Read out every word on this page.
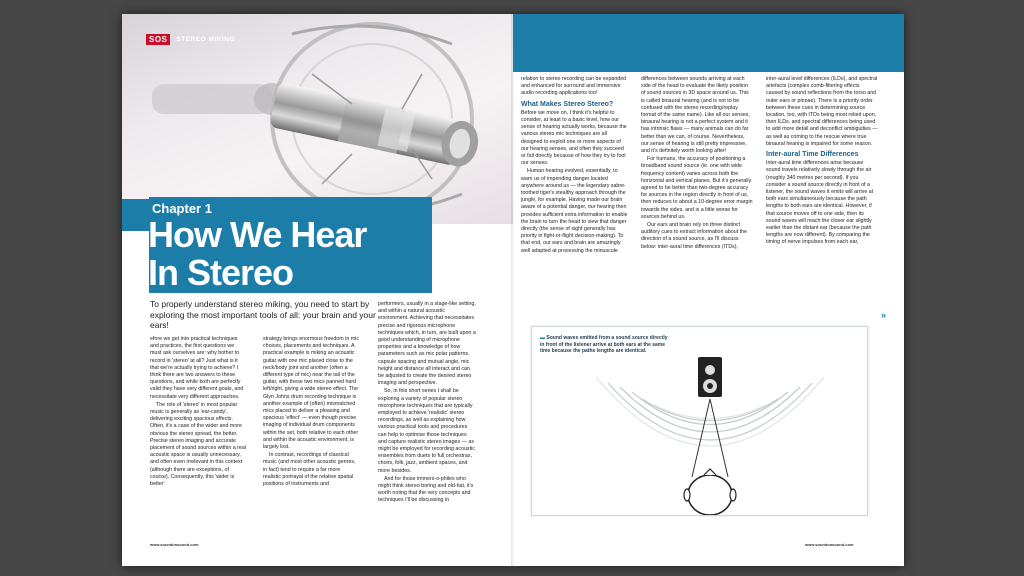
SOS	STEREO MIKING
Chapter 1
How We Hear
In Stereo
To properly understand stereo miking, you need to start by exploring the most important tools of all: your brain and your ears!

efore we get into practical techniques and practices, the first questions we must ask ourselves are: why bother to record in 'stereo' at all? Just what is it that we're actually trying to achieve? I think there are two answers to these questions, and while both are perfectly valid they have very different goals, and necessitate very different approaches.

The role of 'stereo' in most popular music is generally as 'ear-candy', delivering exciting spacious effects. Often, it's a case of the wider and more obvious the stereo spread, the better. Precise stereo imaging and accurate placement of sound sources within a real acoustic space is usually unnecessary, and often even irrelevant in this context (although there are exceptions, of course). Consequently, this 'wider is better'

strategy brings enormous freedom in mic choices, placements and techniques. A practical example is miking an acoustic guitar with one mic placed close to the neck/body joint and another (often a different type of mic) near the tail of the guitar, with these two mics panned hard left/right, giving a wide stereo effect. The Glyn Johns drum recording technique is another example of (often) mismatched mics placed to deliver a pleasing and spacious 'effect' — even though precise imaging of individual drum components within the set, both relative to each other and within the acoustic environment, is largely lost.

In contrast, recordings of classical music (and most other acoustic genres, in fact) tend to require a far more realistic portrayal of the relative spatial positions of instruments and

performers, usually in a stage-like setting, and within a natural acoustic environment. Achieving that necessitates precise and rigorous microphone techniques which, in turn, are built upon a good understanding of microphone properties and a knowledge of how parameters such as mic polar patterns, capsule spacing and mutual angle, mic height and distance all interact and can be adjusted to create the desired stereo imaging and perspective.

So, in this short series I shall be exploring a variety of popular stereo microphone techniques that are typically employed to achieve 'realistic' stereo recordings, as well as explaining how various practical tools and procedures can help to optimise those techniques and capture realistic stereo images — as might be employed for recording acoustic ensembles from duets to full orchestras, choirs, folk, jazz, ambient spaces, and more besides.

And for those immers-o-philes who might think stereo boring and old-hat, it's worth noting that the very concepts and techniques I'll be discussing in

www.soundonsound.com

relation to stereo recording can be expanded and enhanced for surround and immersive audio recording applications too!

What Makes Stereo Stereo?

Before we move on, I think it's helpful to consider, at least to a basic level, how our sense of hearing actually works, because the various stereo mic techniques are all designed to exploit one or more aspects of our hearing senses, and often they succeed or fail directly because of how they try to fool our senses.

Human hearing evolved, essentially, to warn us of impending danger located anywhere around us — the legendary sabre-toothed tiger's stealthy approach through the jungle, for example. Having made our brain aware of a potential danger, our hearing then provides sufficient extra information to enable the brain to turn the head to view that danger directly (the sense of sight generally has priority in fight-or-flight decision-making). To that end, our ears and brain are amazingly well adapted at processing the minuscule

differences between sounds arriving at each side of the head to evaluate the likely position of sound sources in 3D space around us. This is called binaural hearing (and is not to be confused with the stereo recording/replay format of the same name). Like all our senses, binaural hearing is not a perfect system and it has intrinsic flaws — many animals can do far better than we can, of course. Nevertheless, our sense of hearing is still pretty impressive, and it's definitely worth looking after!

For humans, the accuracy of positioning a broadband sound source (ie. one with wide frequency content) varies across both the horizontal and vertical planes. But it's generally agreed to be better than two-degree accuracy for sources in the region directly in front of us, then reduces to about a 10-degree error margin towards the sides, and is a little worse for sources behind us.

Our ears and brain rely on three distinct auditory cues to extract information about the direction of a sound source, as I'll discuss below: inter-aural time differences (ITDs),

inter-aural level differences (ILDs), and spectral artefacts (complex comb-filtering effects caused by sound reflections from the torso and outer ears or pinnae). There is a priority order between these cues in determining source location, too, with ITDs being most relied upon, then ILDs, and spectral differences being used to add more detail and deconflict ambiguities — as well as coming to the rescue where true binaural hearing is impaired for some reason.

Inter-aural Time Differences

Inter-aural time differences arise because sound travels relatively slowly through the air (roughly 340 metres per second). If you consider a sound source directly in front of a listener, the sound waves it emits will arrive at both ears simultaneously because the path lengths to both ears are identical. However, if that source moves off to one side, then its sound waves will reach the closer ear slightly earlier than the distant ear (because the path lengths are now different). By comparing the timing of nerve impulses from each ear,

»
▬ Sound waves emitted from a sound source directly in front of the listener arrive at both ears at the same time because the paths lengths are identical.
www.soundonsound.com
